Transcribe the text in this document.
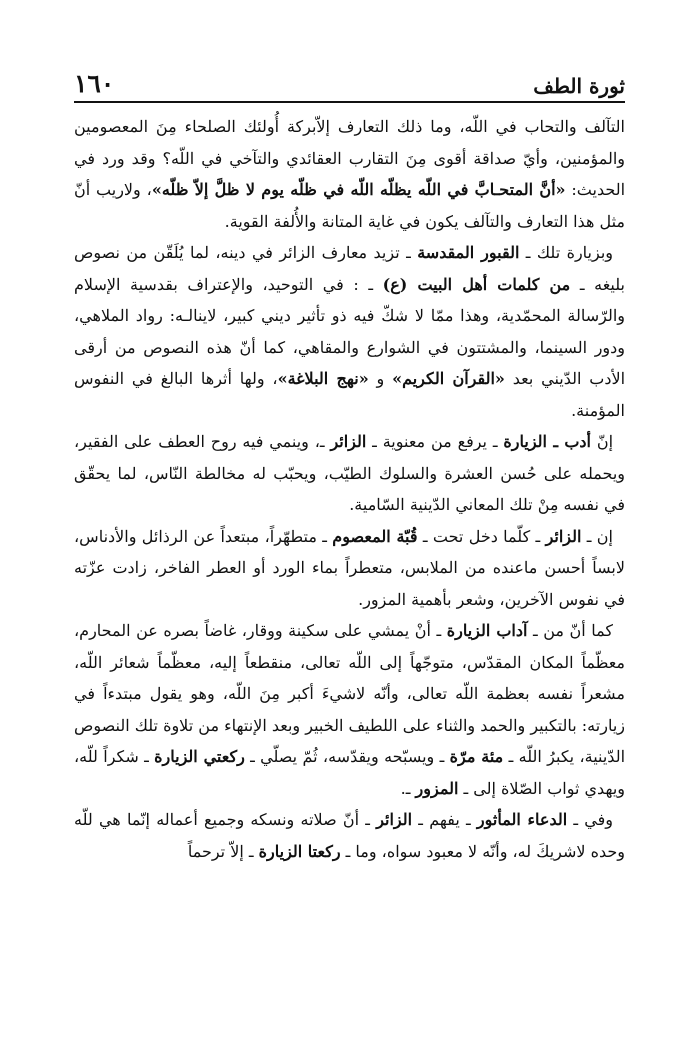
ثورة الطف
١٦٠

التآلف والتحاب في اللّه، وما ذلك التعارف إلاّبركة أُولئك الصلحاء مِنَ المعصومين والمؤمنين، وأيّ صداقة أقوى مِنَ التقارب العقائدي والتآخي في اللّه؟ وقد ورد في الحديث: «أنَّ المتحـابَّ في اللّه يظلّه اللّه في ظلّه يوم لا ظلَّ إلاّ ظلّه»، ولاريب أنّ مثل هذا التعارف والتآلف يكون في غاية المتانة والأُلفة القوية.

وبزيارة تلك ـ القبور المقدسة ـ تزيد معارف الزائر في دينه، لما يُلَقّن من نصوص بليغه ـ من كلمات أهل البيت (ع) ـ : في التوحيد، والإعتراف بقدسية الإسلام والرّسالة المحمّدية، وهذا ممّا لا شكّ فيه ذو تأثير ديني كبير، لاينالـه: رواد الملاهي، ودور السينما، والمشتتون في الشوارع والمقاهي، كما أنّ هذه النصوص من أرقى الأدب الدّيني بعد «القرآن الكريم» و «نهج البلاغة»، ولها أثرها البالغ في النفوس المؤمنة.

إنّ أدب ـ الزيارة ـ يرفع من معنوية ـ الزائر ـ، وينمي فيه روح العطف على الفقير، ويحمله على حُسن العشرة والسلوك الطيّب، ويحبّب له مخالطة النّاس، لما يحقّق في نفسه مِنْ تلك المعاني الدّينية السّامية.

إن ـ الزائر ـ كلّما دخل تحت ـ قُبّة المعصوم ـ متطهّراً، مبتعداً عن الرذائل والأدناس، لابساً أحسن ماعنده من الملابس، متعطراً بماء الورد أو العطر الفاخر، زادت عزّته في نفوس الآخرين، وشعر بأهمية المزور.

كما أنّ من ـ آداب الزيارة ـ أنْ يمشي على سكينة ووقار، غاضاً بصره عن المحارم، معظّماً المكان المقدّس، متوجّهاً إلى اللّه تعالى، منقطعاً إليه، معظّماً شعائر اللّه، مشعراً نفسه بعظمة اللّه تعالى، وأنّه لاشيءَ أكبر مِنَ اللّه، وهو يقول مبتدءاً في زيارته: بالتكبير والحمد والثناء على اللطيف الخبير وبعد الإنتهاء من تلاوة تلك النصوص الدّينية، يكبرُ اللّه ـ مئة مرّة ـ ويسبّحه ويقدّسه، ثُمّ يصلّي ـ ركعتي الزيارة ـ شكراً للّه، ويهدي ثواب الصّلاة إلى ـ المزور ـ.

وفي ـ الدعاء المأثور ـ يفهم ـ الزائر ـ أنّ صلاته ونسكه وجميع أعماله إنّما هي للّه وحده لاشريكَ له، وأنّه لا معبود سواه، وما ـ ركعتا الزيارة ـ إلاّ ترحماً
